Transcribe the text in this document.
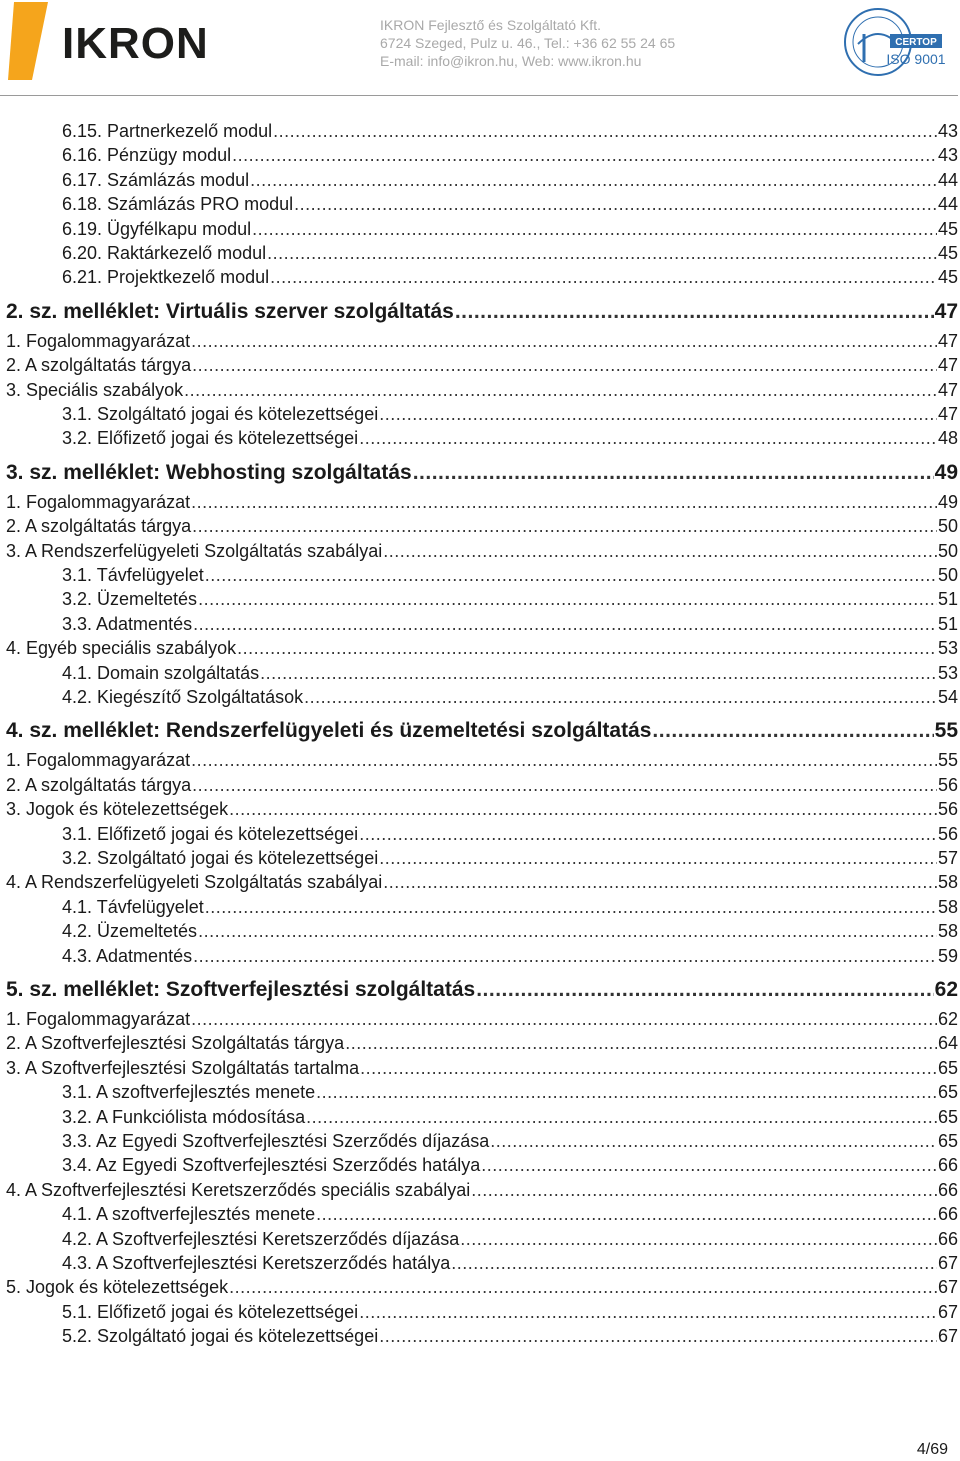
IKRON	IKRON Fejlesztő és Szolgáltató Kft.
6724 Szeged, Pulz u. 46., Tel.: +36 62 55 24 65
E-mail: info@ikron.hu, Web: www.ikron.hu
CERTOP
ISO 9001
6.15. Partnerkezelő modul .....	43
6.16. Pénzügy modul .....	43
6.17. Számlázás modul .....	44
6.18. Számlázás PRO modul .....	44
6.19. Ügyfélkapu modul .....	45
6.20. Raktárkezelő modul .....	45
6.21. Projektkezelő modul .....	45
2. sz. melléklet: Virtuális szerver szolgáltatás .....	47
1. Fogalommagyarázat .....	47
2. A szolgáltatás tárgya .....	47
3. Speciális szabályok .....	47
3.1. Szolgáltató jogai és kötelezettségei .....	47
3.2. Előfizető jogai és kötelezettségei .....	48
3. sz. melléklet: Webhosting szolgáltatás .....	49
1. Fogalommagyarázat .....	49
2. A szolgáltatás tárgya .....	50
3. A Rendszerfelügyeleti Szolgáltatás szabályai .....	50
3.1. Távfelügyelet .....	50
3.2. Üzemeltetés .....	51
3.3. Adatmentés .....	51
4. Egyéb speciális szabályok .....	53
4.1. Domain szolgáltatás .....	53
4.2. Kiegészítő Szolgáltatások .....	54
4. sz. melléklet: Rendszerfelügyeleti és üzemeltetési szolgáltatás .....	55
1. Fogalommagyarázat .....	55
2. A szolgáltatás tárgya .....	56
3. Jogok és kötelezettségek .....	56
3.1. Előfizető jogai és kötelezettségei .....	56
3.2. Szolgáltató jogai és kötelezettségei .....	57
4. A Rendszerfelügyeleti Szolgáltatás szabályai .....	58
4.1. Távfelügyelet .....	58
4.2. Üzemeltetés .....	58
4.3. Adatmentés .....	59
5. sz. melléklet: Szoftverfejlesztési szolgáltatás .....	62
1. Fogalommagyarázat .....	62
2. A Szoftverfejlesztési Szolgáltatás tárgya .....	64
3. A Szoftverfejlesztési Szolgáltatás tartalma .....	65
3.1. A szoftverfejlesztés menete .....	65
3.2. A Funkciólista módosítása .....	65
3.3. Az Egyedi Szoftverfejlesztési Szerződés díjazása .....	65
3.4. Az Egyedi Szoftverfejlesztési Szerződés hatálya .....	66
4. A Szoftverfejlesztési Keretszerződés speciális szabályai .....	66
4.1. A szoftverfejlesztés menete .....	66
4.2. A Szoftverfejlesztési Keretszerződés díjazása .....	66
4.3. A Szoftverfejlesztési Keretszerződés hatálya .....	67
5. Jogok és kötelezettségek .....	67
5.1. Előfizető jogai és kötelezettségei .....	67
5.2. Szolgáltató jogai és kötelezettségei .....	67
4/69
